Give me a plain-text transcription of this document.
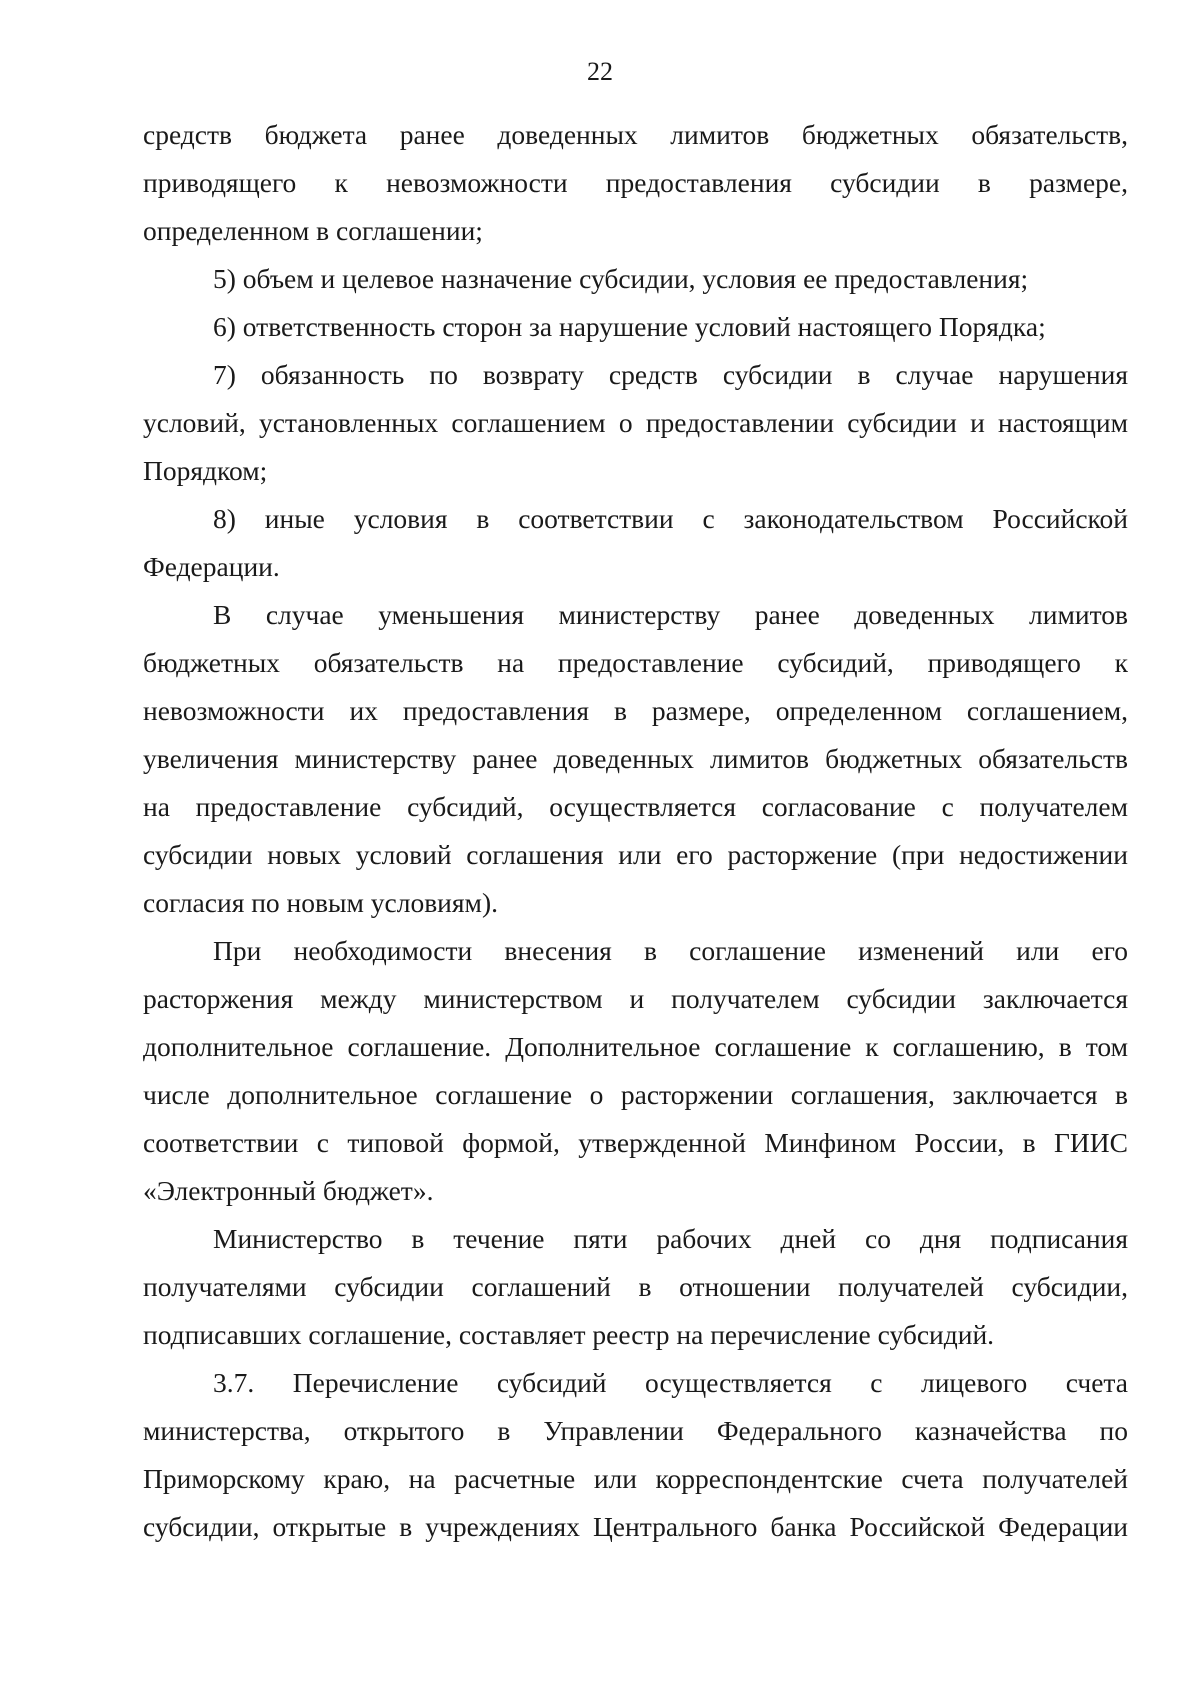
22
средств бюджета ранее доведенных лимитов бюджетных обязательств,
приводящего к невозможности предоставления субсидии в размере,
определенном в соглашении;
5) объем и целевое назначение субсидии, условия ее предоставления;
6) ответственность сторон за нарушение условий настоящего Порядка;
7) обязанность по возврату средств субсидии в случае нарушения
условий, установленных соглашением о предоставлении субсидии и настоящим
Порядком;
8) иные условия в соответствии с законодательством Российской
Федерации.
В случае уменьшения министерству ранее доведенных лимитов
бюджетных обязательств на предоставление субсидий, приводящего к
невозможности их предоставления в размере, определенном соглашением,
увеличения министерству ранее доведенных лимитов бюджетных обязательств
на предоставление субсидий, осуществляется согласование с получателем
субсидии новых условий соглашения или его расторжение (при недостижении
согласия по новым условиям).
При необходимости внесения в соглашение изменений или его
расторжения между министерством и получателем субсидии заключается
дополнительное соглашение. Дополнительное соглашение к соглашению, в том
числе дополнительное соглашение о расторжении соглашения, заключается в
соответствии с типовой формой, утвержденной Минфином России, в ГИИС
«Электронный бюджет».
Министерство в течение пяти рабочих дней со дня подписания
получателями субсидии соглашений в отношении получателей субсидии,
подписавших соглашение, составляет реестр на перечисление субсидий.
3.7. Перечисление субсидий осуществляется с лицевого счета
министерства, открытого в Управлении Федерального казначейства по
Приморскому краю, на расчетные или корреспондентские счета получателей
субсидии, открытые в учреждениях Центрального банка Российской Федерации
